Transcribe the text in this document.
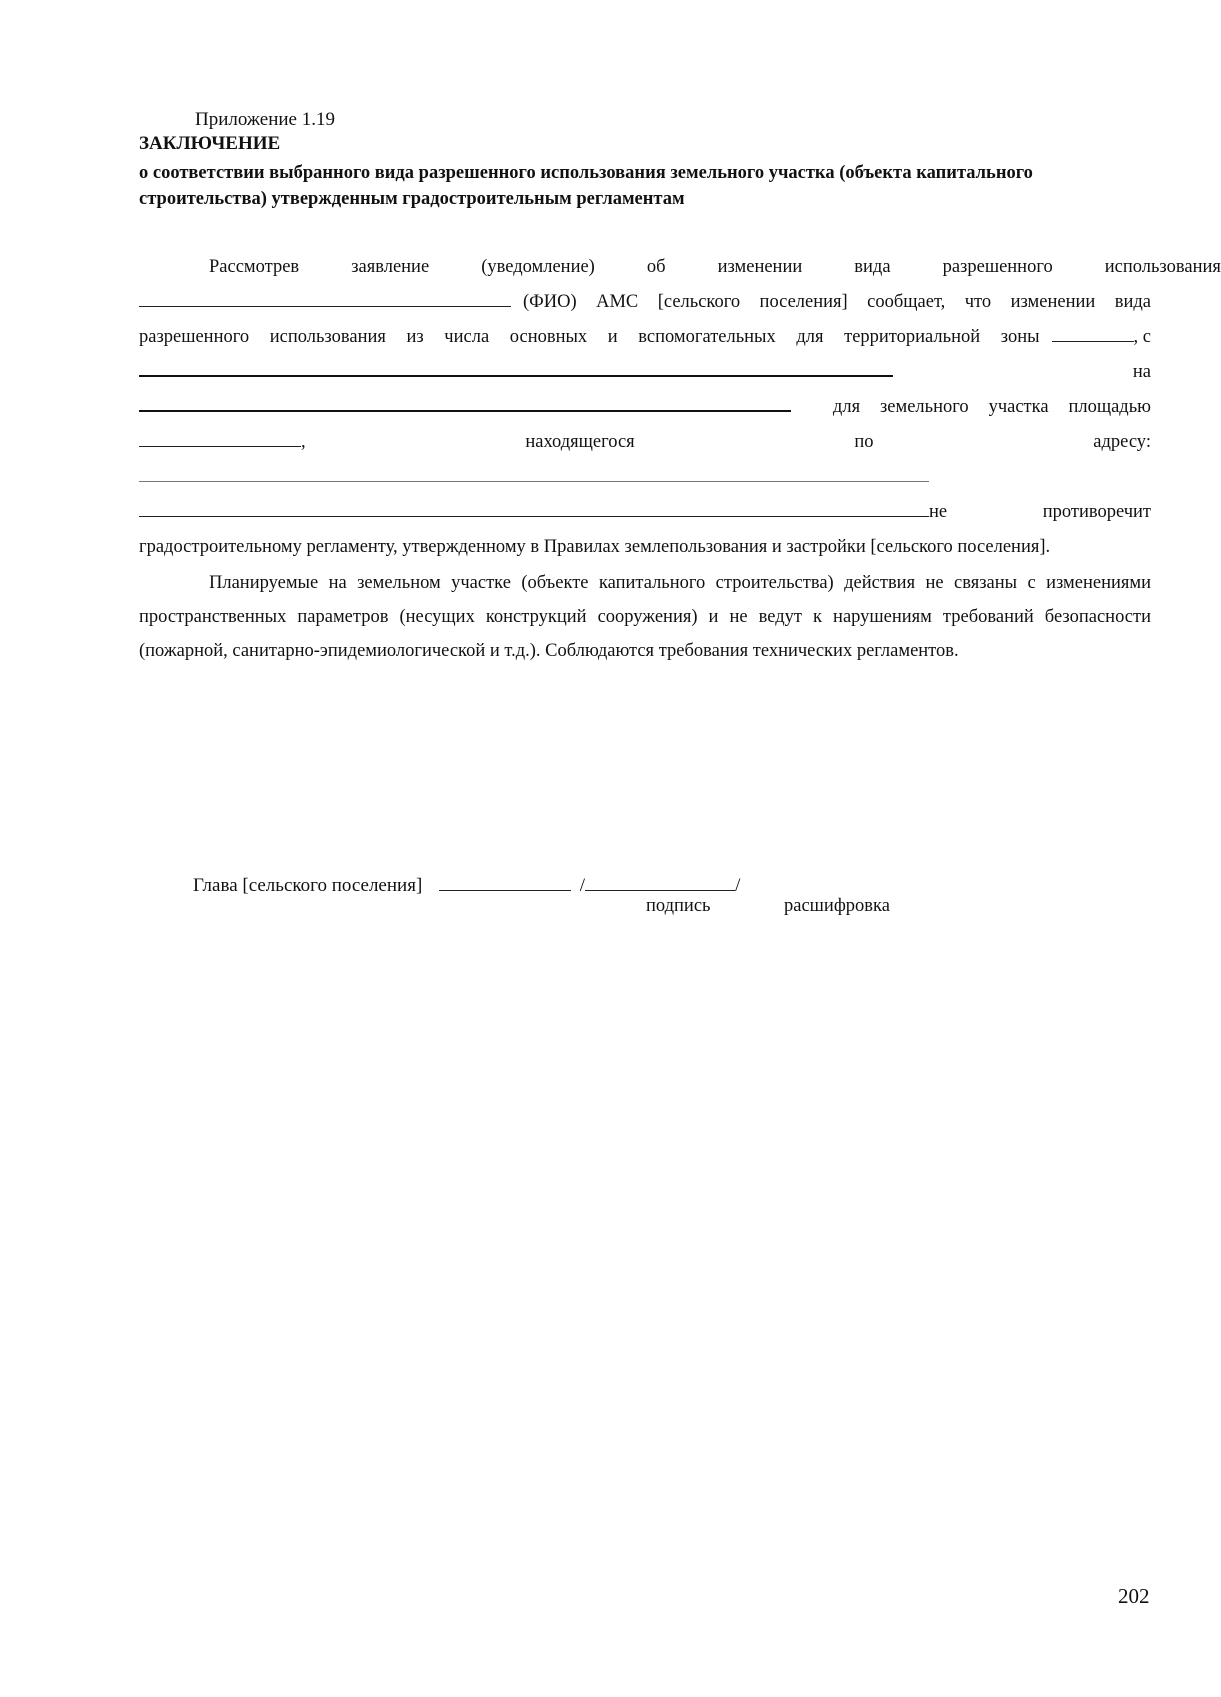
Приложение 1.19
ЗАКЛЮЧЕНИЕ
о соответствии выбранного вида разрешенного использования земельного участка (объекта капитального
строительства) утвержденным градостроительным регламентам
Рассмотрев	заявление	(уведомление)	об	изменении	вида	разрешенного	использования
(ФИО) АМС [сельского поселения] сообщает, что изменении вида
разрешенного использования из числа основных и вспомогательных для территориальной зоны	, с
на
для земельного участка площадью
,	находящегося	по	адресу:
не	противоречит
градостроительному регламенту, утвержденному в Правилах землепользования и застройки [сельского поселения].
Планируемые на земельном участке (объекте капитального строительства) действия не связаны с изменениями пространственных параметров (несущих конструкций сооружения) и не ведут к нарушениям требований безопасности (пожарной, санитарно-эпидемиологической и т.д.). Соблюдаются требования технических регламентов.
Глава [сельского поселения]	/	/
подпись	расшифровка
202
